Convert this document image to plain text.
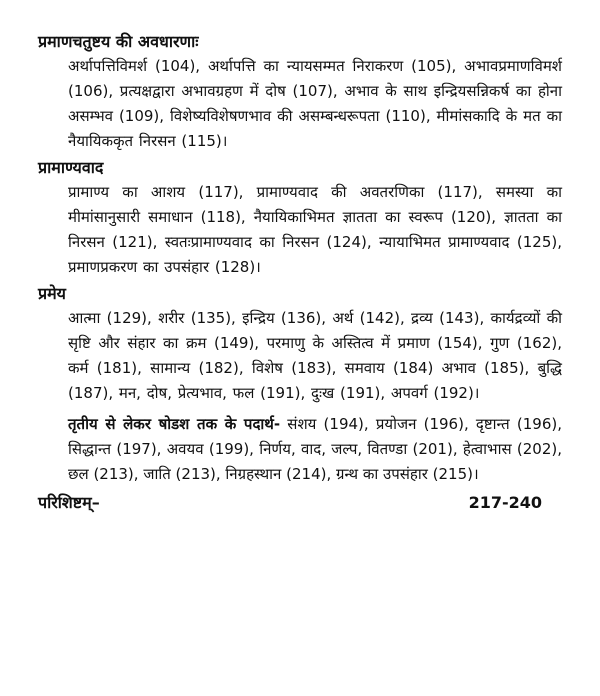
प्रमाणचतुष्टय की अवधारणाः

अर्थापत्तिविमर्श (104), अर्थापत्ति का न्यायसम्मत निराकरण (105), अभावप्रमाणविमर्श (106), प्रत्यक्षद्वारा अभावग्रहण में दोष (107), अभाव के साथ इन्द्रियसन्निकर्ष का होना असम्भव (109), विशेष्यविशेषणभाव की असम्बन्धरूपता (110), मीमांसकादि के मत का नैयायिककृत निरसन (115)।

प्रामाण्यवाद

प्रामाण्य का आशय (117), प्रामाण्यवाद की अवतरणिका (117), समस्या का मीमांसानुसारी समाधान (118), नैयायिकाभिमत ज्ञातता का स्वरूप (120), ज्ञातता का निरसन (121), स्वतःप्रामाण्यवाद का निरसन (124), न्यायाभिमत प्रामाण्यवाद (125), प्रमाणप्रकरण का उपसंहार (128)।

प्रमेय

आत्मा (129), शरीर (135), इन्द्रिय (136), अर्थ (142), द्रव्य (143), कार्यद्रव्यों की सृष्टि और संहार का क्रम (149), परमाणु के अस्तित्व में प्रमाण (154), गुण (162), कर्म (181), सामान्य (182), विशेष (183), समवाय (184) अभाव (185), बुद्धि (187), मन, दोष, प्रेत्यभाव, फल (191), दुःख (191), अपवर्ग (192)।

तृतीय से लेकर षोडश तक के पदार्थ- संशय (194), प्रयोजन (196), दृष्टान्त (196), सिद्धान्त (197), अवयव (199), निर्णय, वाद, जल्प, वितण्डा (201), हेत्वाभास (202), छल (213), जाति (213), निग्रहस्थान (214), ग्रन्थ का उपसंहार (215)।

परिशिष्टम्–	217-240
